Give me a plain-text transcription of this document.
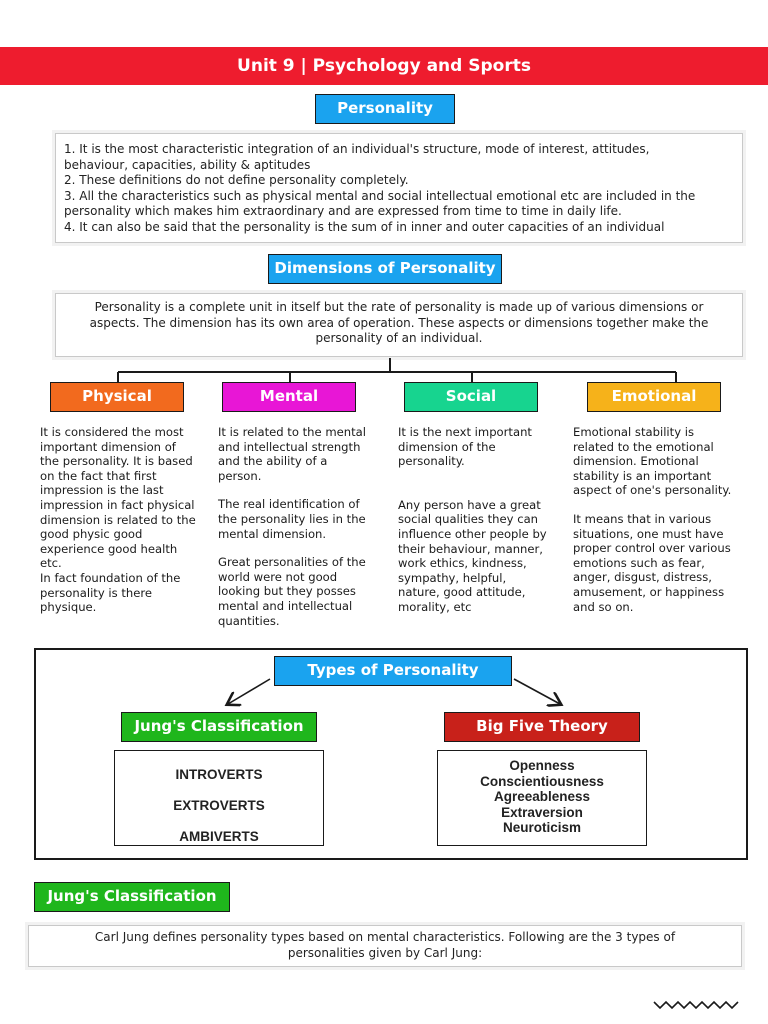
Unit 9 | Psychology and Sports
Personality
1. It is the most characteristic integration of an individual's structure, mode of interest, attitudes,
behaviour, capacities, ability & aptitudes
2. These definitions do not define personality completely.
3. All the characteristics such as physical mental and social intellectual emotional etc are included in the
personality which makes him extraordinary and are expressed from time to time in daily life.
4. It can also be said that the personality is the sum of in inner and outer capacities of an individual
Dimensions of Personality
Personality is a complete unit in itself but the rate of personality is made up of various dimensions or
aspects. The dimension has its own area of operation. These aspects or dimensions together make the
personality of an individual.
Physical	Mental	Social	Emotional

It is considered the most important dimension of the personality. It is based on the fact that first impression is the last impression in fact physical dimension is related to the good physic good experience good health etc.

In fact foundation of the personality is there physique.

It is related to the mental and intellectual strength and the ability of a person.

The real identification of the personality lies in the mental dimension.

Great personalities of the world were not good looking but they posses mental and intellectual quantities.

It is the next important dimension of the personality.

Any person have a great social qualities they can influence other people by their behaviour, manner, work ethics, kindness, sympathy, helpful, nature, good attitude, morality, etc

Emotional stability is related to the emotional dimension. Emotional stability is an important aspect of one's personality.

It means that in various situations, one must have proper control over various emotions such as fear, anger, disgust, distress, amusement, or happiness and so on.

Types of Personality
Jung's Classification	Big Five Theory
INTROVERTS
EXTROVERTS
AMBIVERTS
Openness
Conscientiousness
Agreeableness
Extraversion
Neuroticism
Jung's Classification
Carl Jung defines personality types based on mental characteristics. Following are the 3 types of
personalities given by Carl Jung:
